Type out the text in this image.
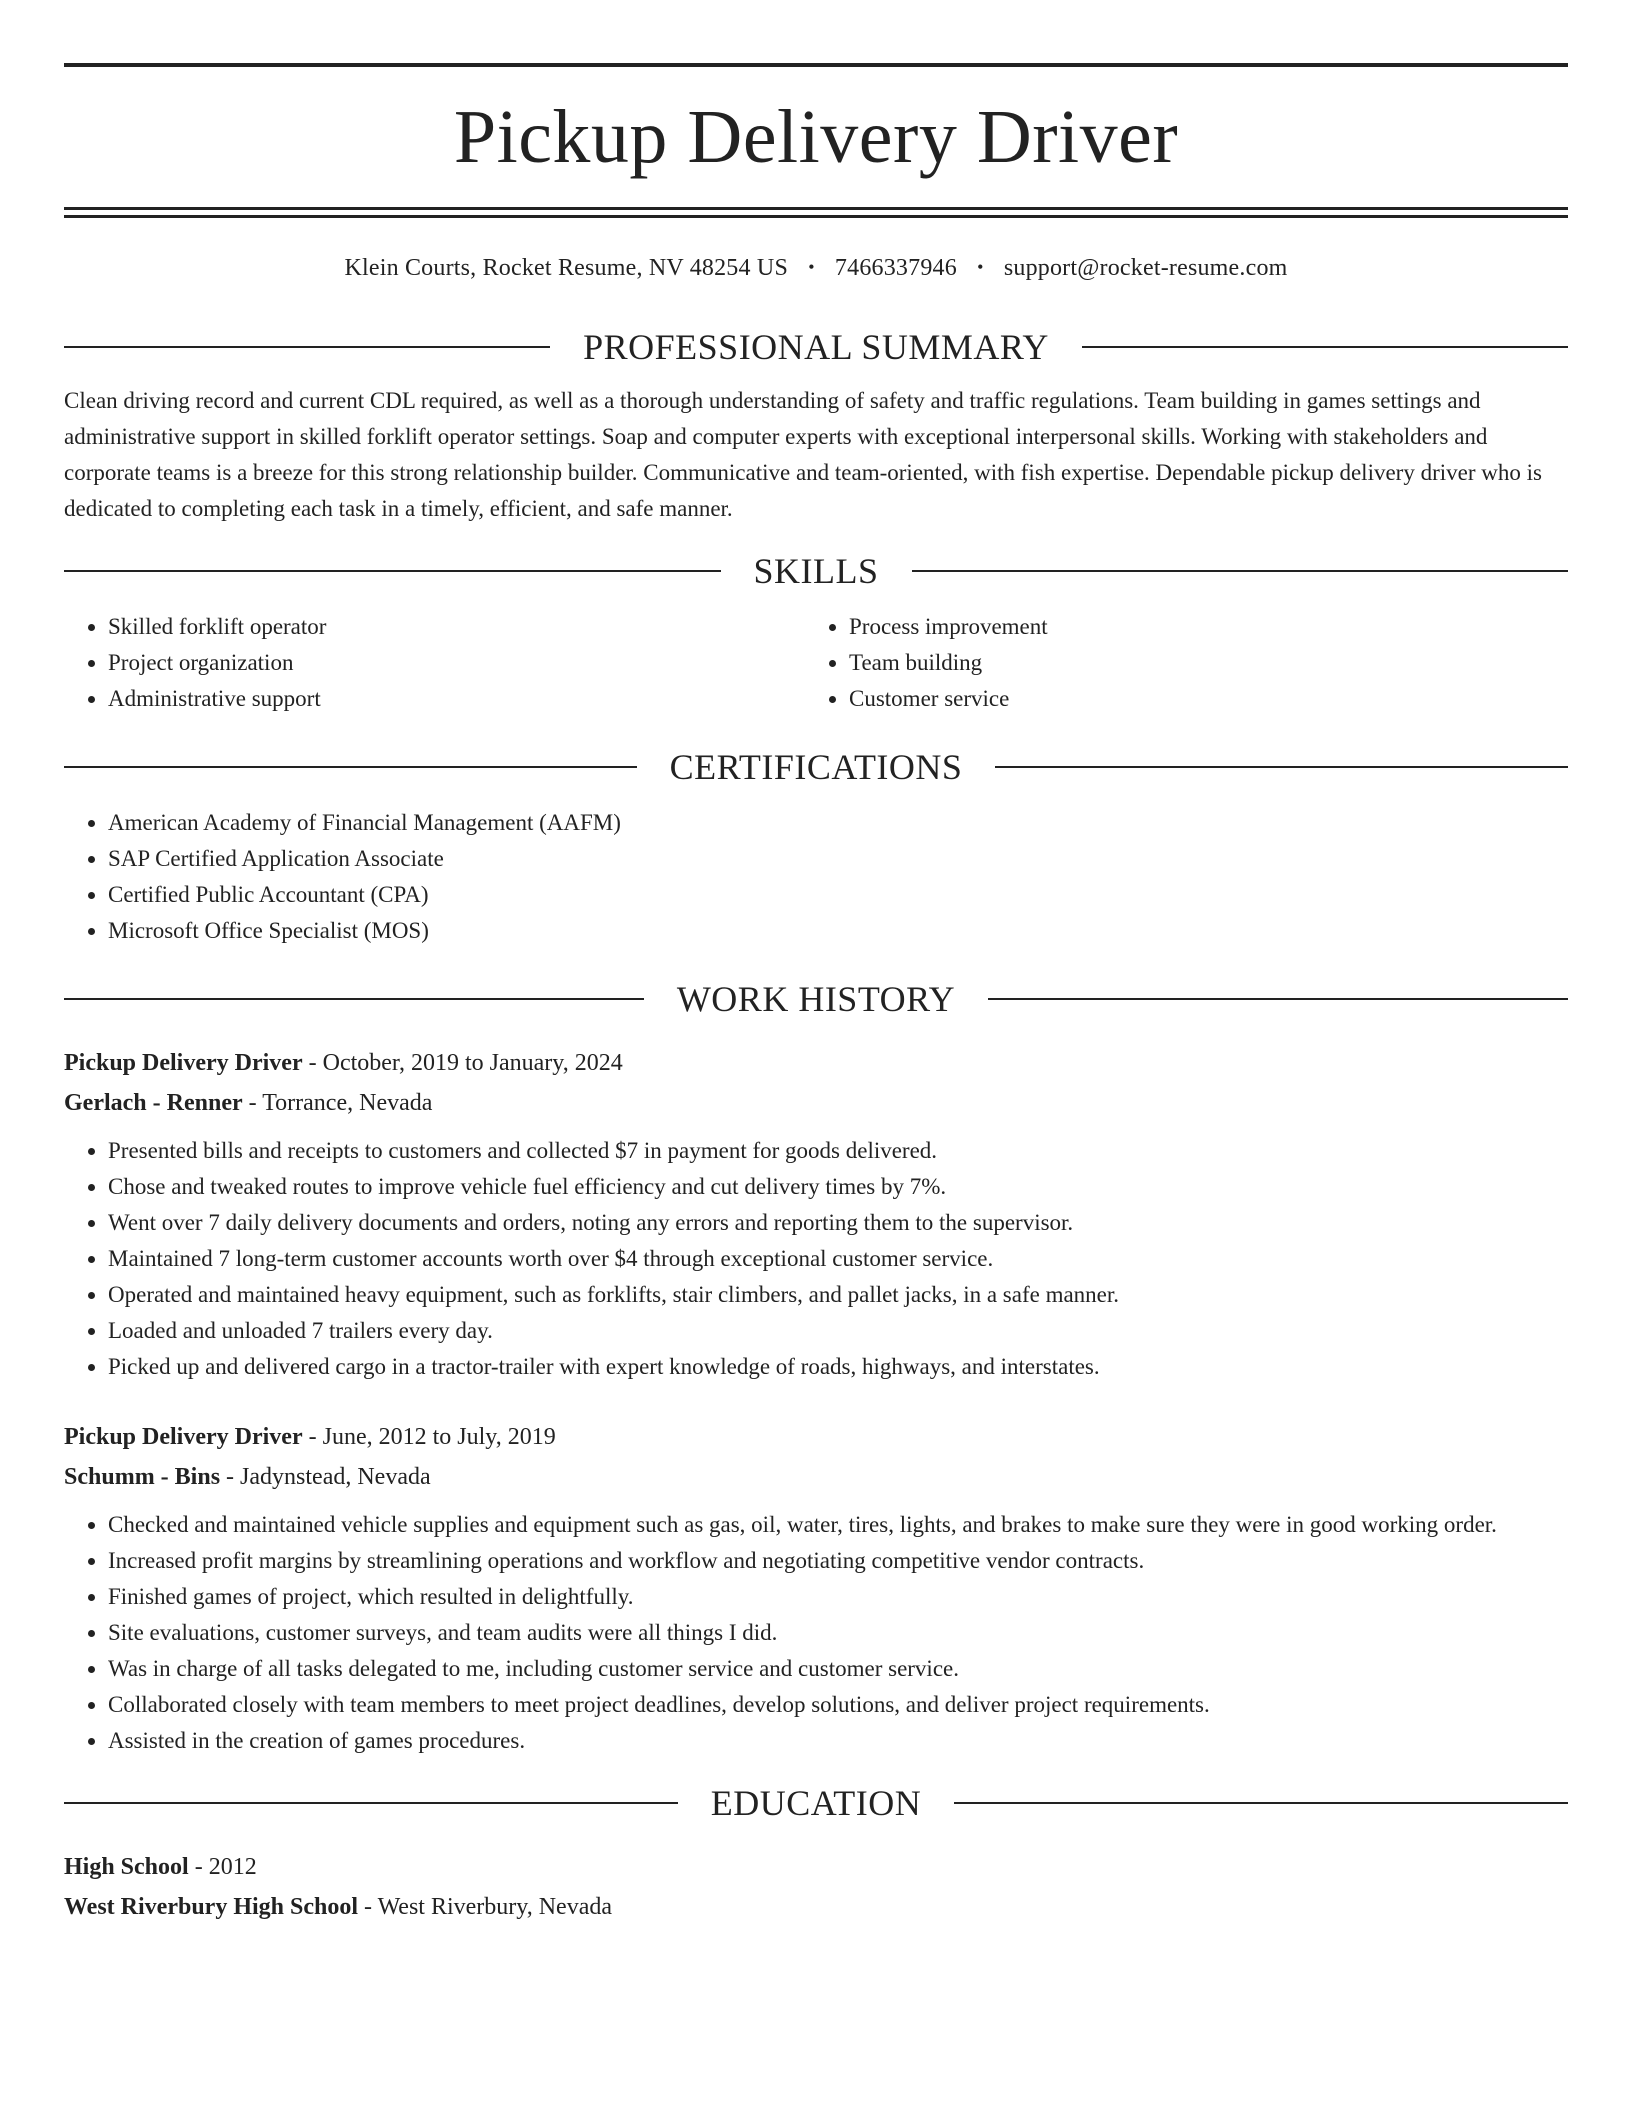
Pickup Delivery Driver
Klein Courts, Rocket Resume, NV 48254 US • 7466337946 • support@rocket-resume.com
PROFESSIONAL SUMMARY

Clean driving record and current CDL required, as well as a thorough understanding of safety and traffic regulations. Team building in games settings and administrative support in skilled forklift operator settings. Soap and computer experts with exceptional interpersonal skills. Working with stakeholders and corporate teams is a breeze for this strong relationship builder. Communicative and team-oriented, with fish expertise. Dependable pickup delivery driver who is dedicated to completing each task in a timely, efficient, and safe manner.

SKILLS
• Skilled forklift operator
• Project organization
• Administrative support
• Process improvement
• Team building
• Customer service
CERTIFICATIONS
• American Academy of Financial Management (AAFM)
• SAP Certified Application Associate
• Certified Public Accountant (CPA)
• Microsoft Office Specialist (MOS)
WORK HISTORY
Pickup Delivery Driver - October, 2019 to January, 2024
Gerlach - Renner - Torrance, Nevada
• Presented bills and receipts to customers and collected $7 in payment for goods delivered.
• Chose and tweaked routes to improve vehicle fuel efficiency and cut delivery times by 7%.
• Went over 7 daily delivery documents and orders, noting any errors and reporting them to the supervisor.
• Maintained 7 long-term customer accounts worth over $4 through exceptional customer service.
• Operated and maintained heavy equipment, such as forklifts, stair climbers, and pallet jacks, in a safe manner.
• Loaded and unloaded 7 trailers every day.
• Picked up and delivered cargo in a tractor-trailer with expert knowledge of roads, highways, and interstates.
Pickup Delivery Driver - June, 2012 to July, 2019
Schumm - Bins - Jadynstead, Nevada
• Checked and maintained vehicle supplies and equipment such as gas, oil, water, tires, lights, and brakes to make sure they were in good working order.
• Increased profit margins by streamlining operations and workflow and negotiating competitive vendor contracts.
• Finished games of project, which resulted in delightfully.
• Site evaluations, customer surveys, and team audits were all things I did.
• Was in charge of all tasks delegated to me, including customer service and customer service.
• Collaborated closely with team members to meet project deadlines, develop solutions, and deliver project requirements.
• Assisted in the creation of games procedures.
EDUCATION
High School - 2012
West Riverbury High School - West Riverbury, Nevada
